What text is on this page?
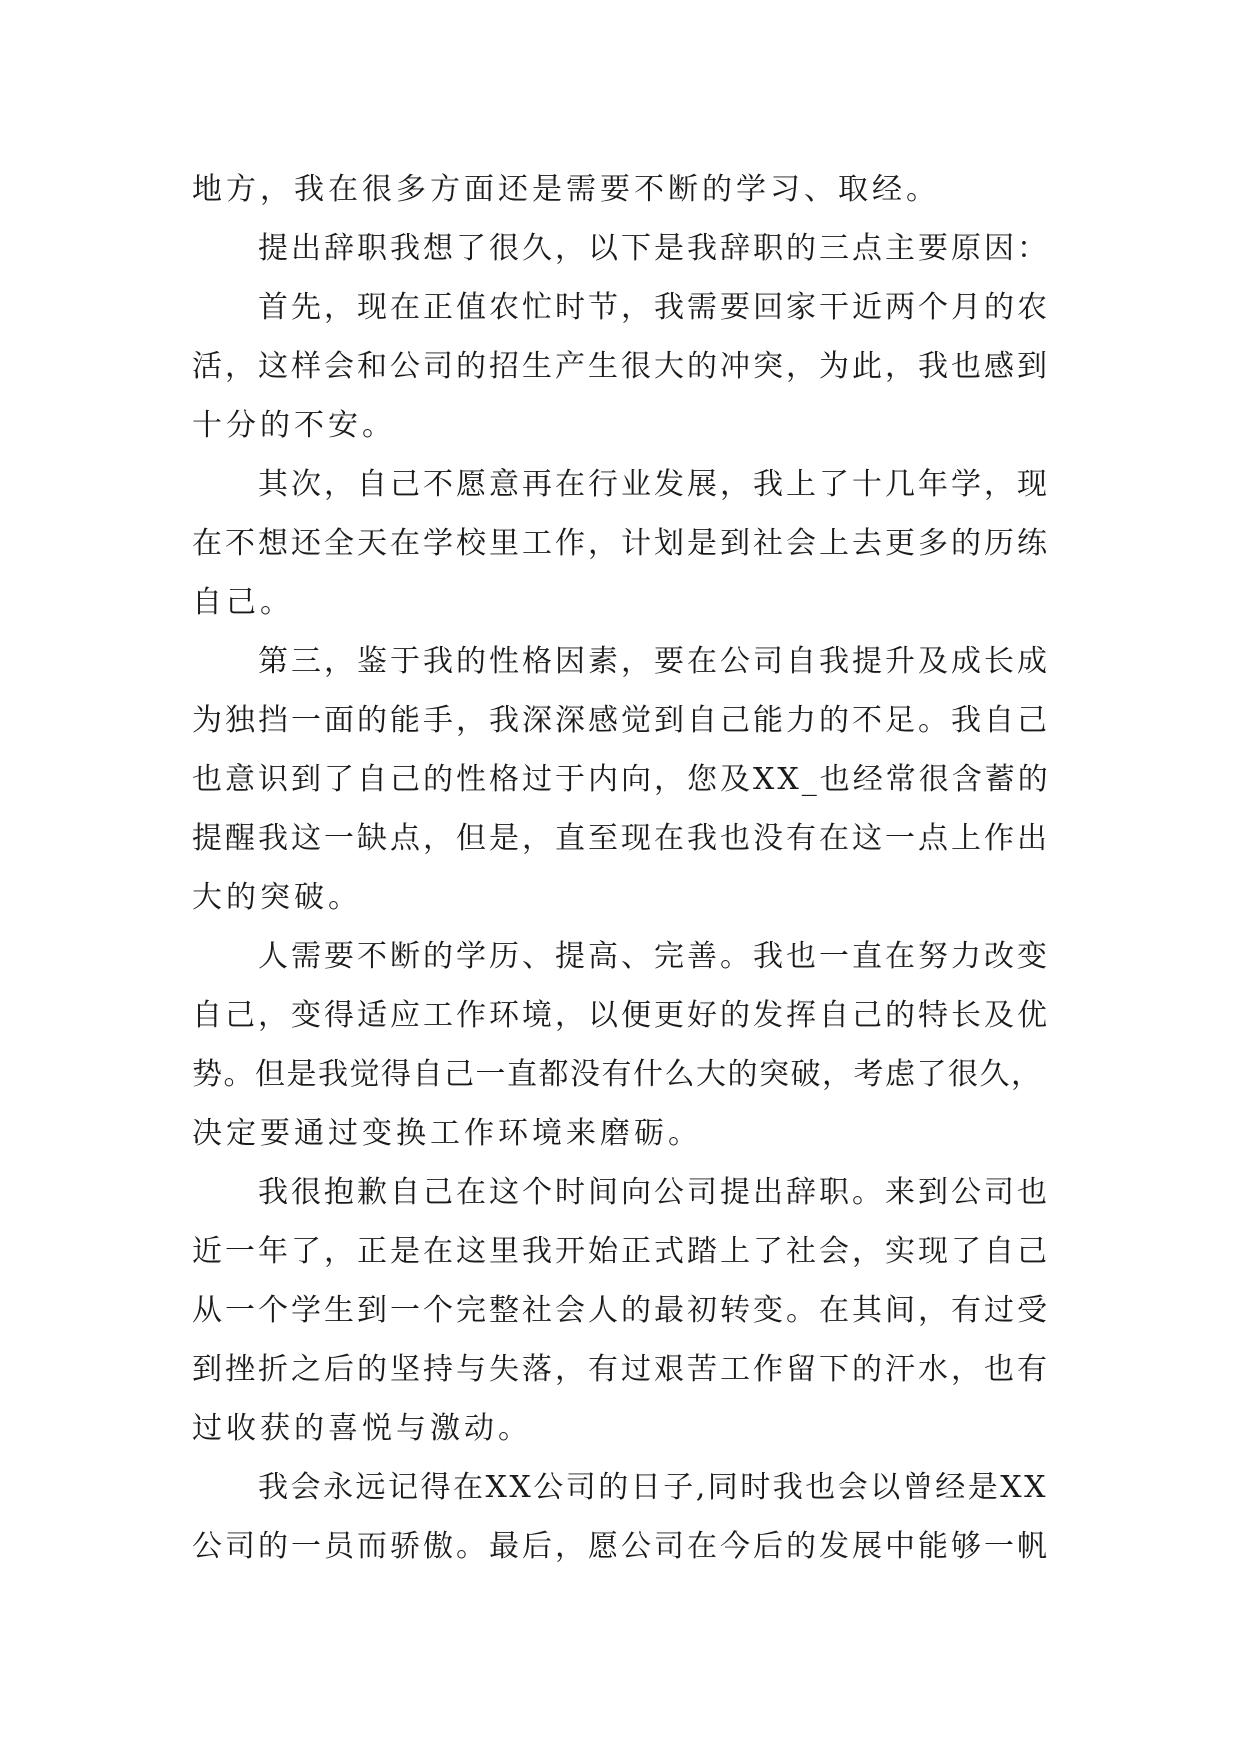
地方，我在很多方面还是需要不断的学习、取经。
提出辞职我想了很久，以下是我辞职的三点主要原因：
首先，现在正值农忙时节，我需要回家干近两个月的农
活，这样会和公司的招生产生很大的冲突，为此，我也感到
十分的不安。
其次，自己不愿意再在行业发展，我上了十几年学，现
在不想还全天在学校里工作，计划是到社会上去更多的历练
自己。
第三，鉴于我的性格因素，要在公司自我提升及成长成
为独挡一面的能手，我深深感觉到自己能力的不足。我自己
也意识到了自己的性格过于内向，您及XX_也经常很含蓄的
提醒我这一缺点，但是，直至现在我也没有在这一点上作出
大的突破。
人需要不断的学历、提高、完善。我也一直在努力改变
自己，变得适应工作环境，以便更好的发挥自己的特长及优
势。但是我觉得自己一直都没有什么大的突破，考虑了很久，
决定要通过变换工作环境来磨砺。
我很抱歉自己在这个时间向公司提出辞职。来到公司也
近一年了，正是在这里我开始正式踏上了社会，实现了自己
从一个学生到一个完整社会人的最初转变。在其间，有过受
到挫折之后的坚持与失落，有过艰苦工作留下的汗水，也有
过收获的喜悦与激动。
我会永远记得在XX公司的日子,同时我也会以曾经是XX
公司的一员而骄傲。最后，愿公司在今后的发展中能够一帆
